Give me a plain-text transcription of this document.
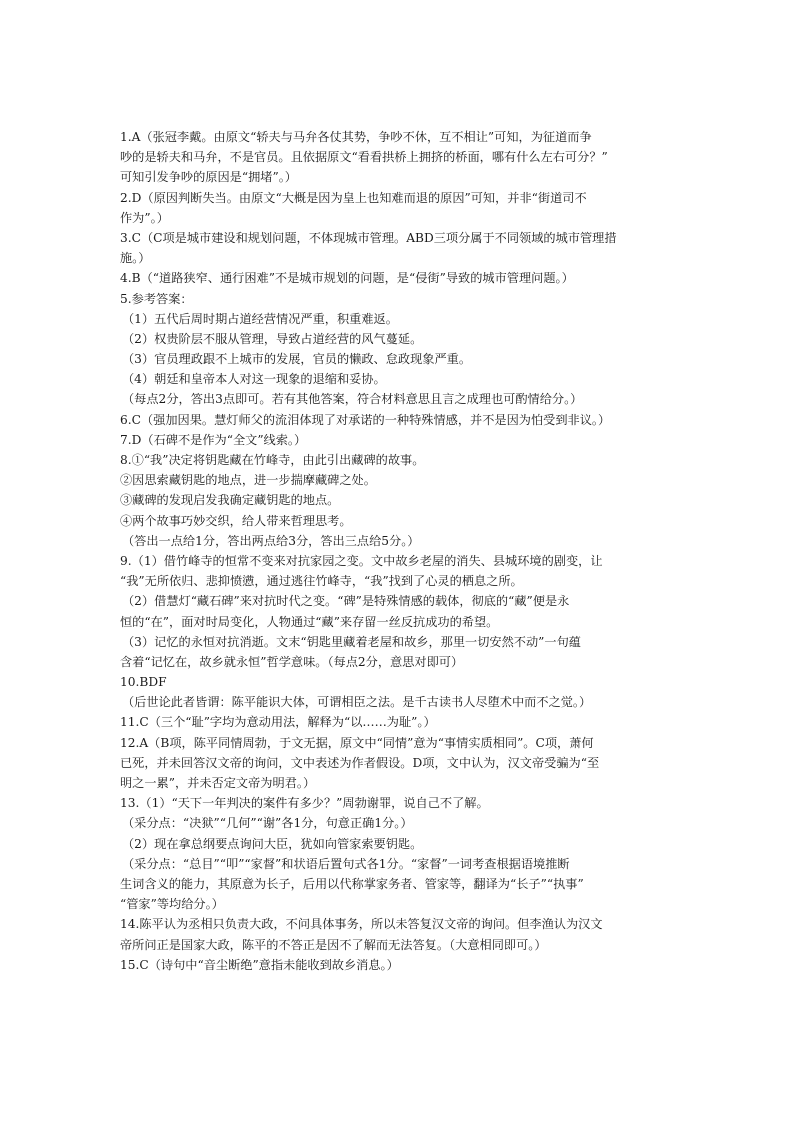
1.A（张冠李戴。由原文“轿夫与马弁各仗其势，争吵不休，互不相让”可知，为征道而争
吵的是轿夫和马弁，不是官员。且依据原文“看看拱桥上拥挤的桥面，哪有什么左右可分？”
可知引发争吵的原因是“拥堵”。）
2.D（原因判断失当。由原文“大概是因为皇上也知难而退的原因”可知，并非“街道司不
作为”。）
3.C（C项是城市建设和规划问题，不体现城市管理。ABD三项分属于不同领域的城市管理措
施。）
4.B（“道路狭窄、通行困难”不是城市规划的问题，是“侵街”导致的城市管理问题。）
5.参考答案：
（1）五代后周时期占道经营情况严重，积重难返。
（2）权贵阶层不服从管理，导致占道经营的风气蔓延。
（3）官员理政跟不上城市的发展，官员的懒政、怠政现象严重。
（4）朝廷和皇帝本人对这一现象的退缩和妥协。
（每点2分，答出3点即可。若有其他答案，符合材料意思且言之成理也可酌情给分。）
6.C（强加因果。慧灯师父的流泪体现了对承诺的一种特殊情感，并不是因为怕受到非议。）
7.D（石碑不是作为“全文”线索。）
8.①“我”决定将钥匙藏在竹峰寺，由此引出藏碑的故事。
②因思索藏钥匙的地点，进一步揣摩藏碑之处。
③藏碑的发现启发我确定藏钥匙的地点。
④两个故事巧妙交织，给人带来哲理思考。
（答出一点给1分，答出两点给3分，答出三点给5分。）
9.（1）借竹峰寺的恒常不变来对抗家园之变。文中故乡老屋的消失、县城环境的剧变，让
“我”无所依归、悲抑愤懑，通过逃往竹峰寺，“我”找到了心灵的栖息之所。
（2）借慧灯“藏石碑”来对抗时代之变。“碑”是特殊情感的载体，彻底的“藏”便是永
恒的“在”，面对时局变化，人物通过“藏”来存留一丝反抗成功的希望。
（3）记忆的永恒对抗消逝。文末“钥匙里藏着老屋和故乡，那里一切安然不动”一句蕴
含着“记忆在，故乡就永恒”哲学意味。（每点2分，意思对即可）
10.BDF
（后世论此者皆谓：陈平能识大体，可谓相臣之法。是千古读书人尽堕术中而不之觉。）
11.C（三个“耻”字均为意动用法，解释为“以……为耻”。）
12.A（B项，陈平同情周勃，于文无据，原文中“同情”意为“事情实质相同”。C项，萧何
已死，并未回答汉文帝的询问，文中表述为作者假设。D项，文中认为，汉文帝受骗为“至
明之一累”，并未否定文帝为明君。）
13.（1）“天下一年判决的案件有多少？”周勃谢罪，说自己不了解。
（采分点：“决狱”“几何”“谢”各1分，句意正确1分。）
（2）现在拿总纲要点询问大臣，犹如向管家索要钥匙。
（采分点：“总目”“叩”“家督”和状语后置句式各1分。“家督”一词考查根据语境推断
生词含义的能力，其原意为长子，后用以代称掌家务者、管家等，翻译为“长子”“执事”
“管家”等均给分。）
14.陈平认为丞相只负责大政，不问具体事务，所以未答复汉文帝的询问。但李渔认为汉文
帝所问正是国家大政，陈平的不答正是因不了解而无法答复。（大意相同即可。）
15.C（诗句中“音尘断绝”意指未能收到故乡消息。）
